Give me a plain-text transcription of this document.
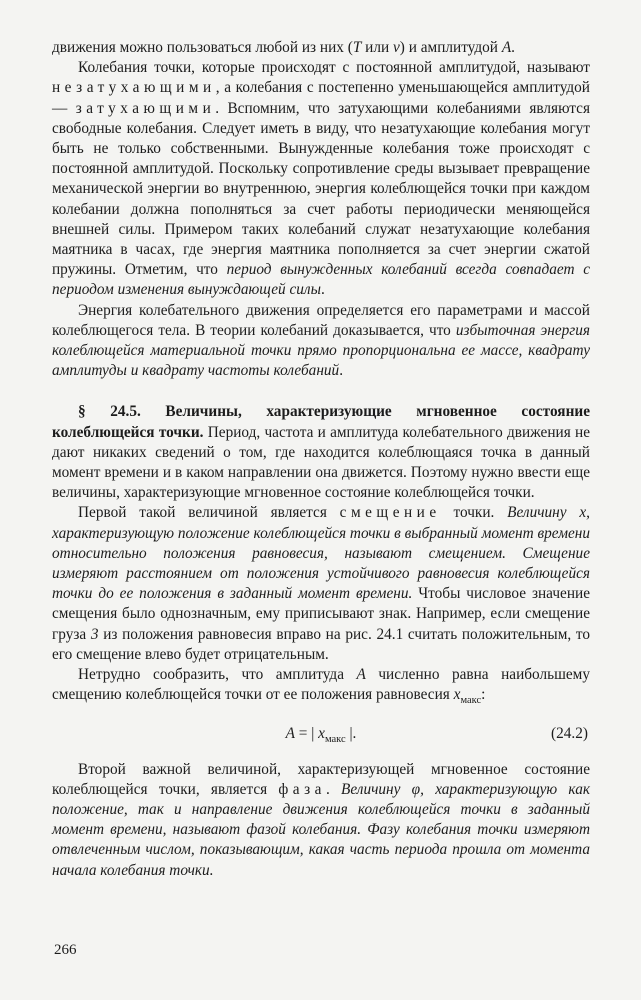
движения можно пользоваться любой из них (T или ν) и амплитудой A.

Колебания точки, которые происходят с постоянной амплитудой, называют незатухающими, а колебания с постепенно уменьшающейся амплитудой — затухающими. Вспомним, что затухающими колебаниями являются свободные колебания. Следует иметь в виду, что незатухающие колебания могут быть не только собственными. Вынужденные колебания тоже происходят с постоянной амплитудой. Поскольку сопротивление среды вызывает превращение механической энергии во внутреннюю, энергия колеблющейся точки при каждом колебании должна пополняться за счет работы периодически меняющейся внешней силы. Примером таких колебаний служат незатухающие колебания маятника в часах, где энергия маятника пополняется за счет энергии сжатой пружины. Отметим, что период вынужденных колебаний всегда совпадает с периодом изменения вынуждающей силы.

Энергия колебательного движения определяется его параметрами и массой колеблющегося тела. В теории колебаний доказывается, что избыточная энергия колеблющейся материальной точки прямо пропорциональна ее массе, квадрату амплитуды и квадрату частоты колебаний.

§ 24.5. Величины, характеризующие мгновенное состояние колеблющейся точки. Период, частота и амплитуда колебательного движения не дают никаких сведений о том, где находится колеблющаяся точка в данный момент времени и в каком направлении она движется. Поэтому нужно ввести еще величины, характеризующие мгновенное состояние колеблющейся точки.

Первой такой величиной является смещение точки. Величину x, характеризующую положение колеблющейся точки в выбранный момент времени относительно положения равновесия, называют смещением. Смещение измеряют расстоянием от положения устойчивого равновесия колеблющейся точки до ее положения в заданный момент времени. Чтобы числовое значение смещения было однозначным, ему приписывают знак. Например, если смещение груза 3 из положения равновесия вправо на рис. 24.1 считать положительным, то его смещение влево будет отрицательным.

Нетрудно сообразить, что амплитуда A численно равна наибольшему смещению колеблющейся точки от ее положения равновесия $x_{макс}$:

A = | $x_{макс}$ |.	(24.2)

Второй важной величиной, характеризующей мгновенное состояние колеблющейся точки, является фаза. Величину φ, характеризующую как положение, так и направление движения колеблющейся точки в заданный момент времени, называют фазой колебания. Фазу колебания точки измеряют отвлеченным числом, показывающим, какая часть периода прошла от момента начала колебания точки.

266
